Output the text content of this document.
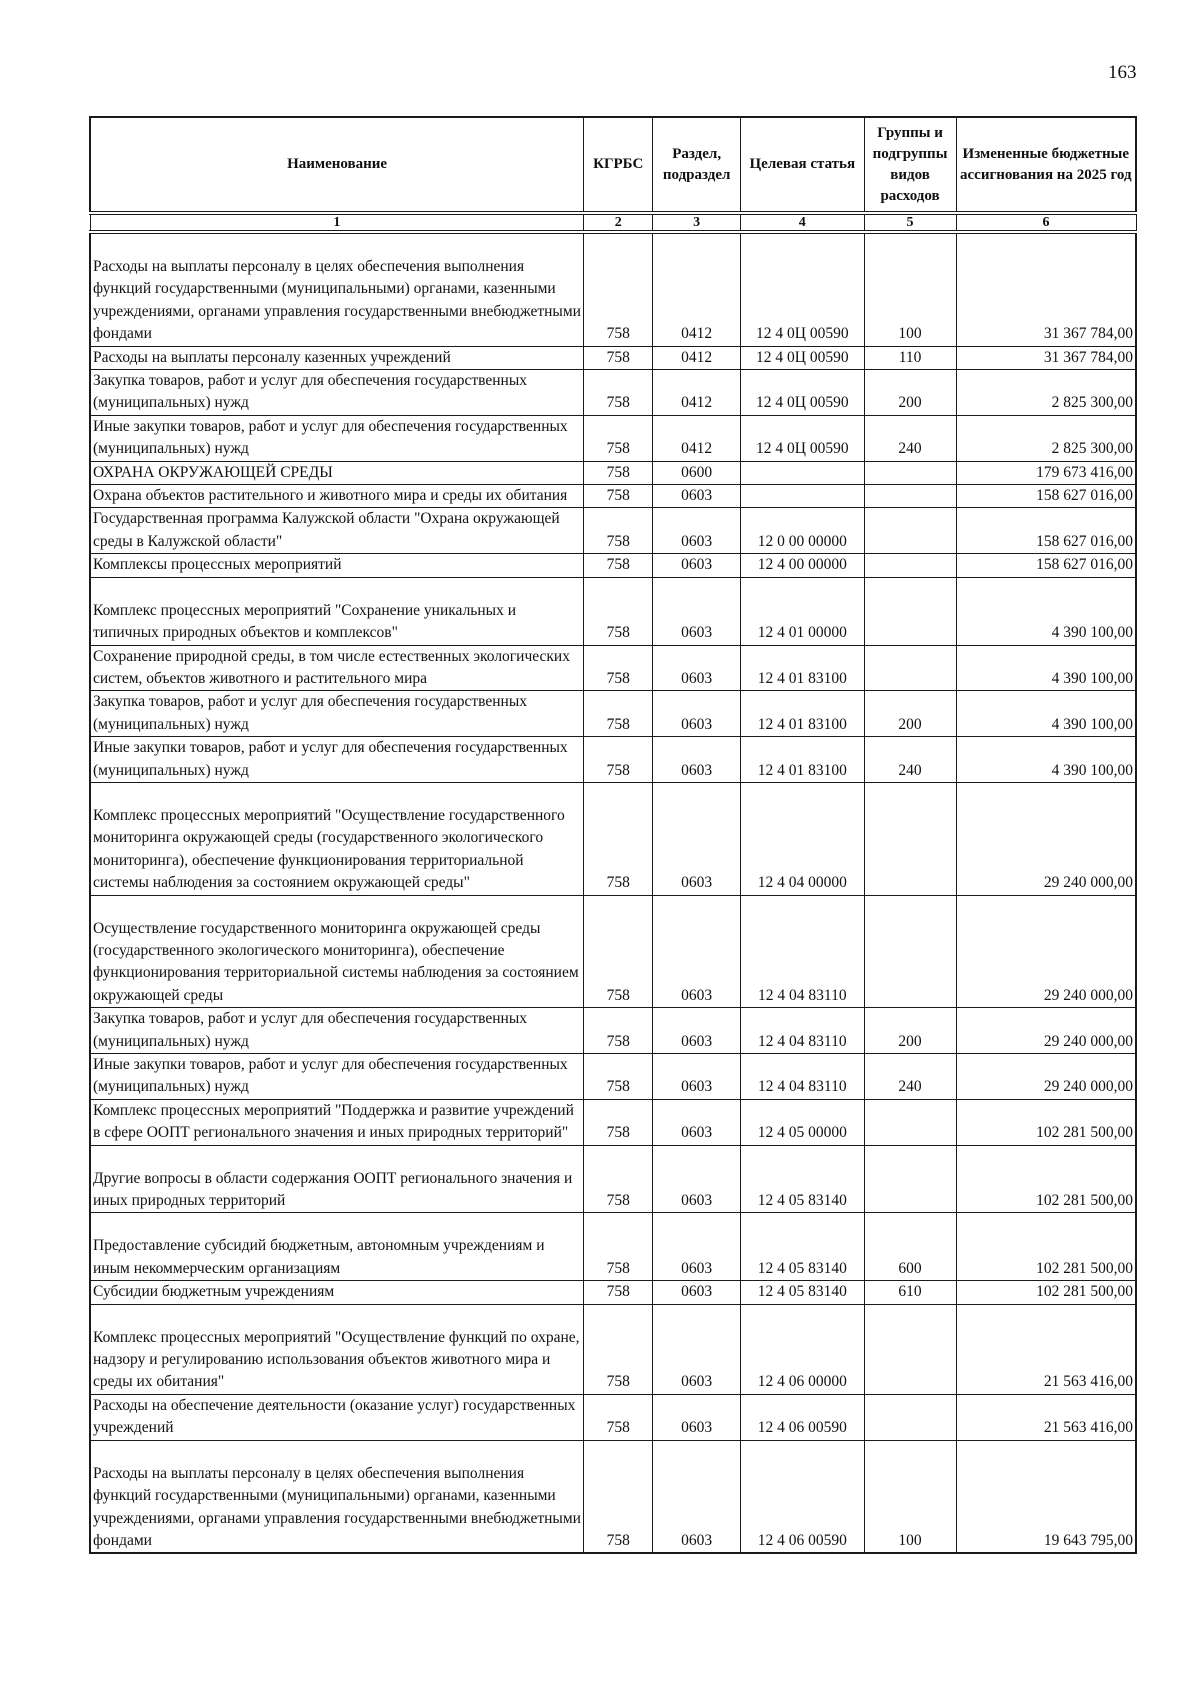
163
Наименование	КГРБС	Раздел, подраздел	Целевая статья	Группы и подгруппы видов расходов	Измененные бюджетные ассигнования на 2025 год
1	2	3	4	5	6
Расходы на выплаты персоналу в целях обеспечения выполнения функций государственными (муниципальными) органами, казенными учреждениями, органами управления государственными внебюджетными фондами	758	0412	12 4 0Ц 00590	100	31 367 784,00
Расходы на выплаты персоналу казенных учреждений	758	0412	12 4 0Ц 00590	110	31 367 784,00
Закупка товаров, работ и услуг для обеспечения государственных (муниципальных) нужд	758	0412	12 4 0Ц 00590	200	2 825 300,00
Иные закупки товаров, работ и услуг для обеспечения государственных (муниципальных) нужд	758	0412	12 4 0Ц 00590	240	2 825 300,00
ОХРАНА ОКРУЖАЮЩЕЙ СРЕДЫ	758	0600			179 673 416,00
Охрана объектов растительного и животного мира и среды их обитания	758	0603			158 627 016,00
Государственная программа Калужской области "Охрана окружающей среды в Калужской области"	758	0603	12 0 00 00000		158 627 016,00
Комплексы процессных мероприятий	758	0603	12 4 00 00000		158 627 016,00
Комплекс процессных мероприятий "Сохранение уникальных и типичных природных объектов и комплексов"	758	0603	12 4 01 00000		4 390 100,00
Сохранение природной среды, в том числе естественных экологических систем, объектов животного и растительного мира	758	0603	12 4 01 83100		4 390 100,00
Закупка товаров, работ и услуг для обеспечения государственных (муниципальных) нужд	758	0603	12 4 01 83100	200	4 390 100,00
Иные закупки товаров, работ и услуг для обеспечения государственных (муниципальных) нужд	758	0603	12 4 01 83100	240	4 390 100,00
Комплекс процессных мероприятий "Осуществление государственного мониторинга окружающей среды (государственного экологического мониторинга), обеспечение функционирования территориальной системы наблюдения за состоянием окружающей среды"	758	0603	12 4 04 00000		29 240 000,00
Осуществление государственного мониторинга окружающей среды (государственного экологического мониторинга), обеспечение функционирования территориальной системы наблюдения за состоянием окружающей среды	758	0603	12 4 04 83110		29 240 000,00
Закупка товаров, работ и услуг для обеспечения государственных (муниципальных) нужд	758	0603	12 4 04 83110	200	29 240 000,00
Иные закупки товаров, работ и услуг для обеспечения государственных (муниципальных) нужд	758	0603	12 4 04 83110	240	29 240 000,00
Комплекс процессных мероприятий "Поддержка и развитие учреждений в сфере ООПТ регионального значения и иных природных территорий"	758	0603	12 4 05 00000		102 281 500,00
Другие вопросы в области содержания ООПТ регионального значения и иных природных территорий	758	0603	12 4 05 83140		102 281 500,00
Предоставление субсидий бюджетным, автономным учреждениям и иным некоммерческим организациям	758	0603	12 4 05 83140	600	102 281 500,00
Субсидии бюджетным учреждениям	758	0603	12 4 05 83140	610	102 281 500,00
Комплекс процессных мероприятий "Осуществление функций по охране, надзору и регулированию использования объектов животного мира и среды их обитания"	758	0603	12 4 06 00000		21 563 416,00
Расходы на обеспечение деятельности (оказание услуг) государственных учреждений	758	0603	12 4 06 00590		21 563 416,00
Расходы на выплаты персоналу в целях обеспечения выполнения функций государственными (муниципальными) органами, казенными учреждениями, органами управления государственными внебюджетными фондами	758	0603	12 4 06 00590	100	19 643 795,00
